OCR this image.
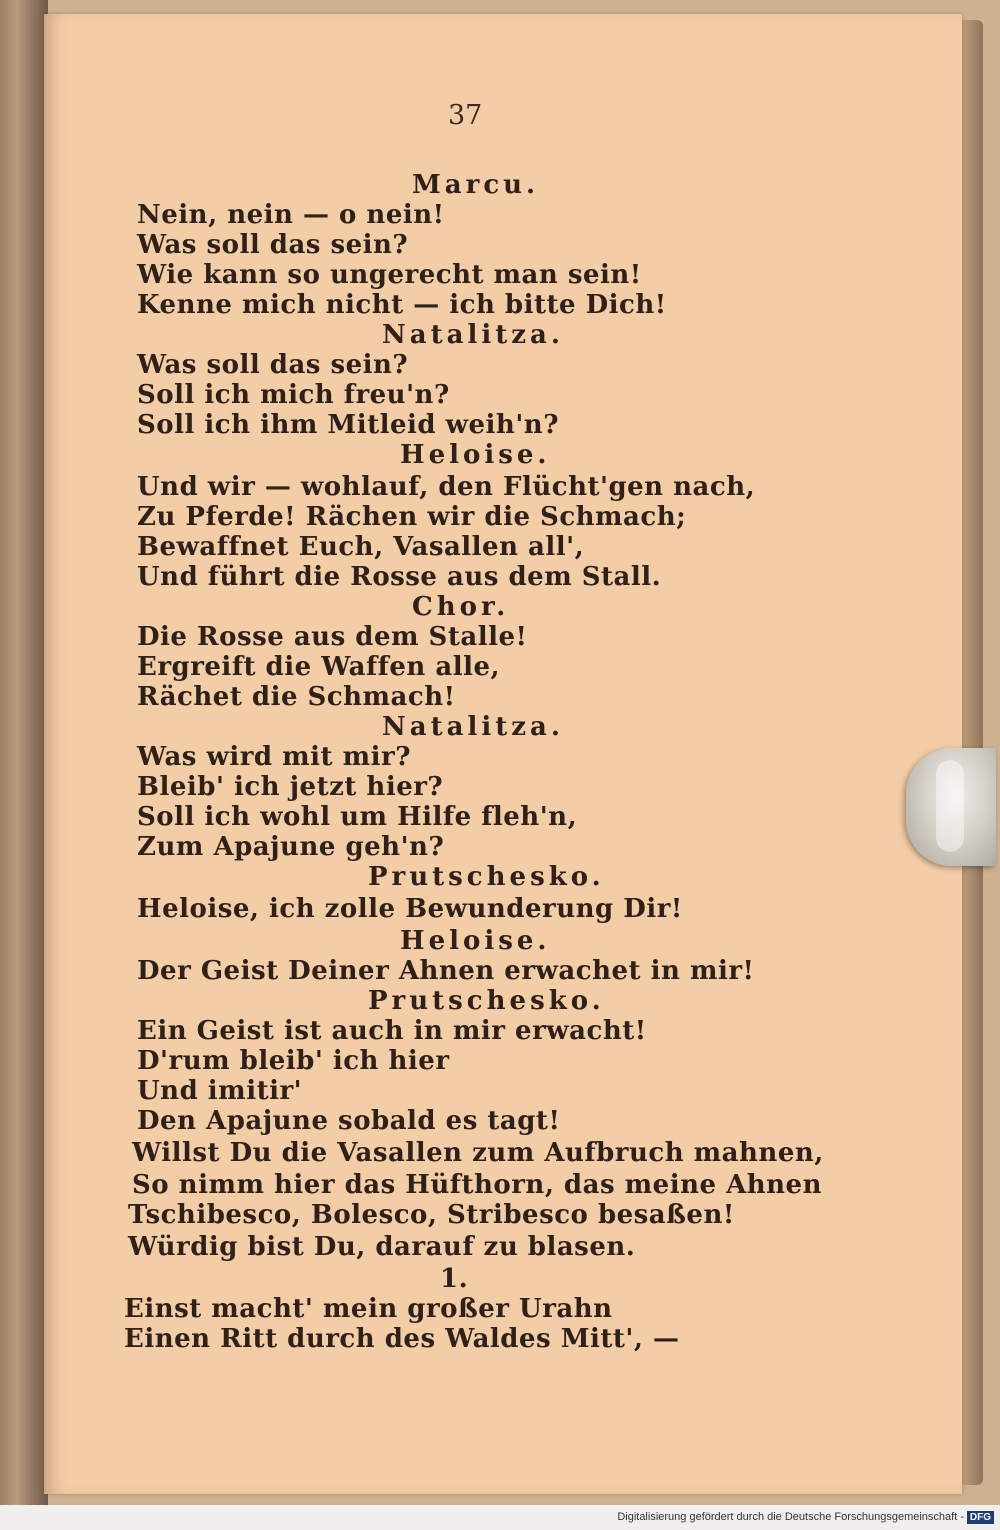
37
Marcu.
Nein, nein — o nein!
Was soll das sein?
Wie kann so ungerecht man sein!
Kenne mich nicht — ich bitte Dich!
Natalitza.
Was soll das sein?
Soll ich mich freu'n?
Soll ich ihm Mitleid weih'n?
Heloise.
Und wir — wohlauf, den Flücht'gen nach,
Zu Pferde! Rächen wir die Schmach;
Bewaffnet Euch, Vasallen all',
Und führt die Rosse aus dem Stall.
Chor.
Die Rosse aus dem Stalle!
Ergreift die Waffen alle,
Rächet die Schmach!
Natalitza.
Was wird mit mir?
Bleib' ich jetzt hier?
Soll ich wohl um Hilfe fleh'n,
Zum Apajune geh'n?
Prutschesko.
Heloise, ich zolle Bewunderung Dir!
Heloise.
Der Geist Deiner Ahnen erwachet in mir!
Prutschesko.
Ein Geist ist auch in mir erwacht!
D'rum bleib' ich hier
Und imitir'
Den Apajune sobald es tagt!
Willst Du die Vasallen zum Aufbruch mahnen,
So nimm hier das Hüfthorn, das meine Ahnen
Tschibesco, Bolesco, Stribesco besaßen!
Würdig bist Du, darauf zu blasen.
1.
Einst macht' mein großer Urahn
Einen Ritt durch des Waldes Mitt', —
Digitalisierung gefördert durch die Deutsche Forschungsgemeinschaft - DFG
